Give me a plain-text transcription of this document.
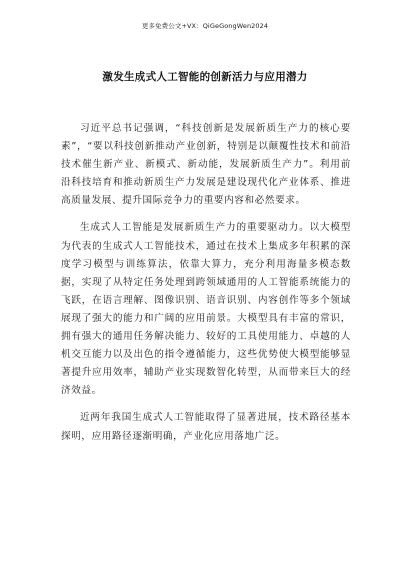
更多免费公文+VX：QiGeGongWen2024
激发生成式人工智能的创新活力与应用潜力

习近平总书记强调，“科技创新是发展新质生产力的核心要素”，“要以科技创新推动产业创新，特别是以颠覆性技术和前沿技术催生新产业、新模式、新动能，发展新质生产力”。利用前沿科技培育和推动新质生产力发展是建设现代化产业体系、推进高质量发展、提升国际竞争力的重要内容和必然要求。

生成式人工智能是发展新质生产力的重要驱动力。以大模型为代表的生成式人工智能技术，通过在技术上集成多年积累的深度学习模型与训练算法，依靠大算力，充分利用海量多模态数据，实现了从特定任务处理到跨领域通用的人工智能系统能力的飞跃，在语言理解、图像识别、语音识别、内容创作等多个领域展现了强大的能力和广阔的应用前景。大模型具有丰富的常识，拥有强大的通用任务解决能力、较好的工具使用能力、卓越的人机交互能力以及出色的指令遵循能力，这些优势使大模型能够显著提升应用效率，辅助产业实现数智化转型，从而带来巨大的经济效益。

近两年我国生成式人工智能取得了显著进展，技术路径基本探明，应用路径逐渐明确，产业化应用落地广泛。
